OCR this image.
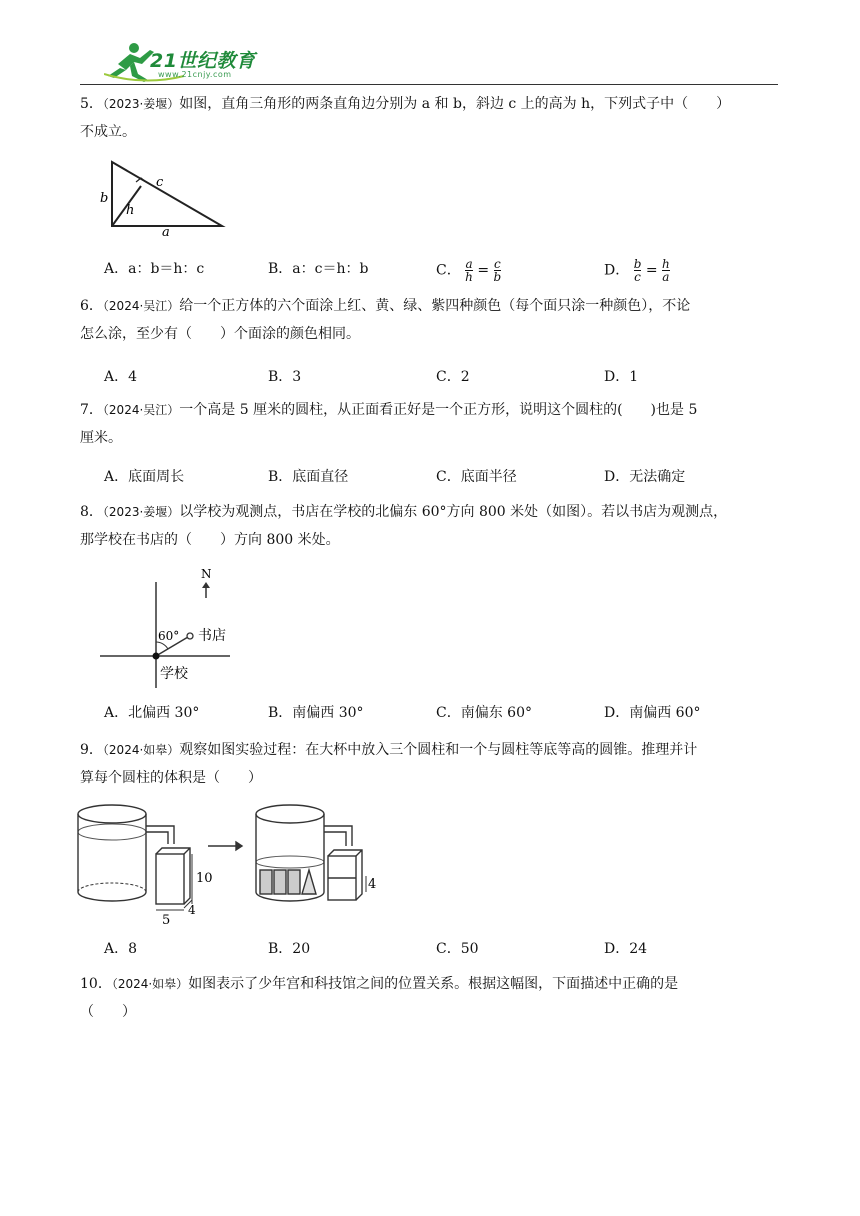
21世纪教育
www.21cnjy.com
5．（2023·姜堰）如图，直角三角形的两条直角边分别为 a 和 b，斜边 c 上的高为 h，下列式子中（　　）
不成立。
b
h
c
a
A．a：b＝h：c	B．a：c＝h：b	C． $\frac{a}{h} = \frac{c}{b}$	D． $\frac{b}{c} = \frac{h}{a}$
6．（2024·吴江）给一个正方体的六个面涂上红、黄、绿、紫四种颜色（每个面只涂一种颜色），不论
怎么涂，至少有（　　）个面涂的颜色相同。
A．4	B．3	C．2	D．1
7．（2024·吴江）一个高是 5 厘米的圆柱，从正面看正好是一个正方形，说明这个圆柱的(　　)也是 5
厘米。
A．底面周长	B．底面直径	C．底面半径	D．无法确定
8．（2023·姜堰）以学校为观测点，书店在学校的北偏东 60°方向 800 米处（如图）。若以书店为观测点，
那学校在书店的（　　）方向 800 米处。
N
60° 书店
学校
A．北偏西 30°	B．南偏西 30°	C．南偏东 60°	D．南偏西 60°
9．（2024·如皋）观察如图实验过程：在大杯中放入三个圆柱和一个与圆柱等底等高的圆锥。推理并计
算每个圆柱的体积是（　　）
10
5
4
4
A．8	B．20	C．50	D．24
10．（2024·如皋）如图表示了少年宫和科技馆之间的位置关系。根据这幅图，下面描述中正确的是
（　　）
